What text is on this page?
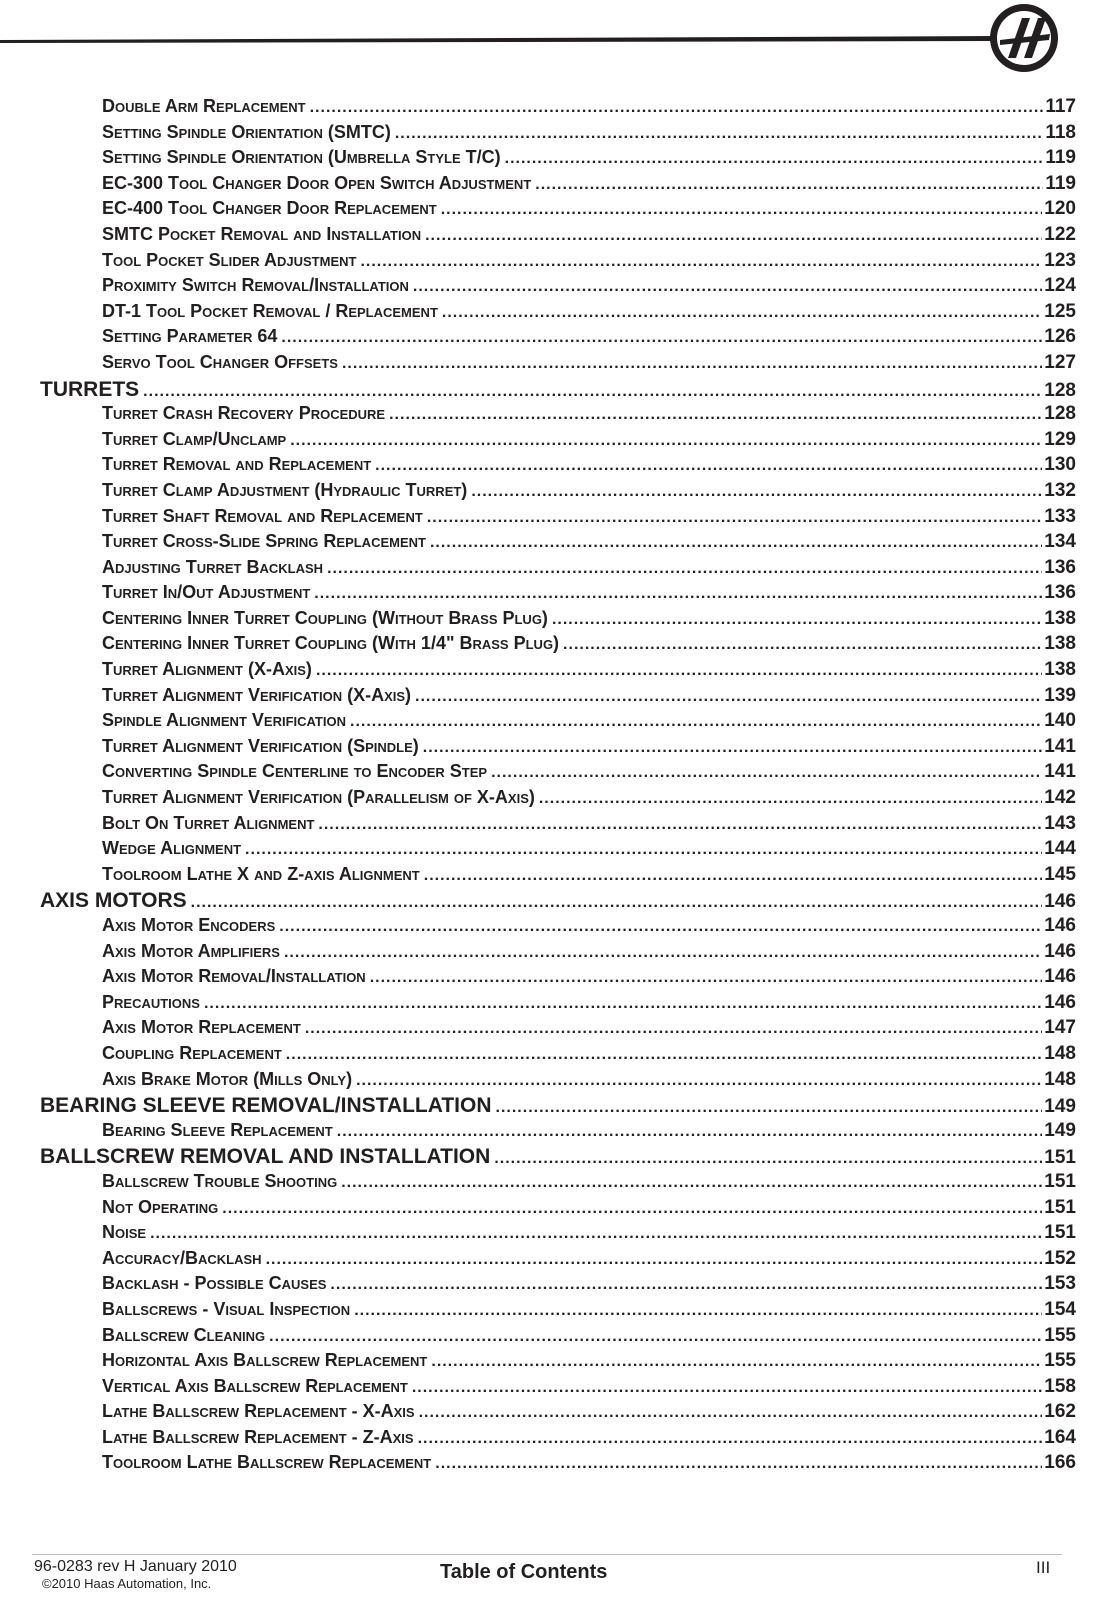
Double Arm Replacement .....	117
Setting Spindle Orientation (SMTC) .....	118
Setting Spindle Orientation (Umbrella Style T/C) .....	119
EC-300 Tool Changer Door Open Switch Adjustment .....	119
EC-400 Tool Changer Door Replacement .....	120
SMTC Pocket Removal and Installation .....	122
Tool Pocket Slider Adjustment .....	123
Proximity Switch Removal/Installation .....	124
DT-1 Tool Pocket Removal / Replacement .....	125
Setting Parameter 64 .....	126
Servo Tool Changer Offsets .....	127
TURRETS .....	128
Turret Crash Recovery Procedure .....	128
Turret Clamp/Unclamp .....	129
Turret Removal and Replacement .....	130
Turret Clamp Adjustment (Hydraulic Turret) .....	132
Turret Shaft Removal and Replacement .....	133
Turret Cross-Slide Spring Replacement .....	134
Adjusting Turret Backlash .....	136
Turret In/Out Adjustment .....	136
Centering Inner Turret Coupling (Without Brass Plug) .....	138
Centering Inner Turret Coupling (With 1/4" Brass Plug) .....	138
Turret Alignment (X-Axis) .....	138
Turret Alignment Verification (X-Axis) .....	139
Spindle Alignment Verification .....	140
Turret Alignment Verification (Spindle) .....	141
Converting Spindle Centerline to Encoder Step .....	141
Turret Alignment Verification (Parallelism of X-Axis) .....	142
Bolt On Turret Alignment .....	143
Wedge Alignment .....	144
Toolroom Lathe X and Z-axis Alignment .....	145
AXIS MOTORS .....	146
Axis Motor Encoders .....	146
Axis Motor Amplifiers .....	146
Axis Motor Removal/Installation .....	146
Precautions .....	146
Axis Motor Replacement .....	147
Coupling Replacement .....	148
Axis Brake Motor (Mills Only) .....	148
BEARING SLEEVE REMOVAL/INSTALLATION .....	149
Bearing Sleeve Replacement .....	149
BALLSCREW REMOVAL AND INSTALLATION .....	151
Ballscrew Trouble Shooting .....	151
Not Operating .....	151
Noise .....	151
Accuracy/Backlash .....	152
Backlash - Possible Causes .....	153
Ballscrews - Visual Inspection .....	154
Ballscrew Cleaning .....	155
Horizontal Axis Ballscrew Replacement .....	155
Vertical Axis Ballscrew Replacement .....	158
Lathe Ballscrew Replacement - X-Axis .....	162
Lathe Ballscrew Replacement - Z-Axis .....	164
Toolroom Lathe Ballscrew Replacement .....	166
96-0283 rev H January 2010
©2010 Haas Automation, Inc.
Table of Contents	III
